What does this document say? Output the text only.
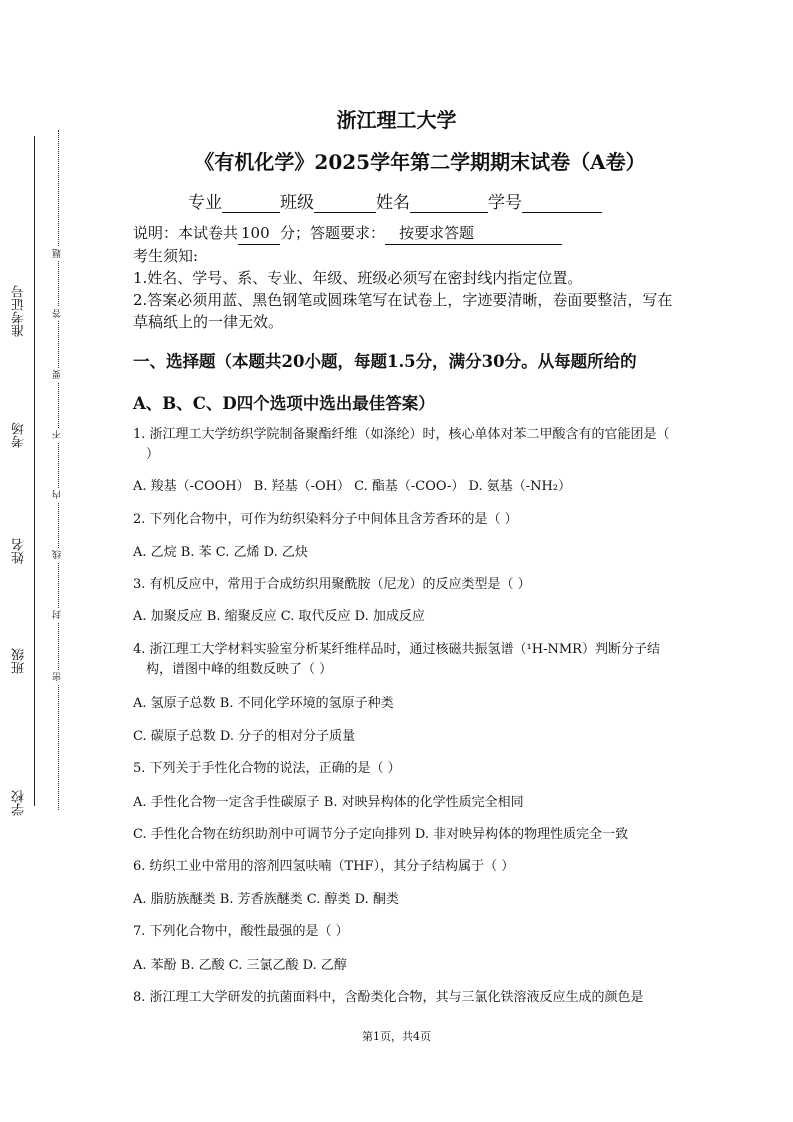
准考证号
考场
姓名
班级
学校
题
答
要
不
内
线
封
密
浙江理工大学
《有机化学》2025学年第二学期期末试卷（A卷）
专业	班级	姓名	学号
说明：本试卷共 100 分；答题要求： 按要求答题
考生须知:
1.姓名、学号、系、专业、年级、班级必须写在密封线内指定位置。
2.答案必须用蓝、黑色钢笔或圆珠笔写在试卷上，字迹要清晰，卷面要整洁，写在草稿纸上的一律无效。
一、选择题（本题共20小题，每题1.5分，满分30分。从每题所给的
A、B、C、D四个选项中选出最佳答案）
1. 浙江理工大学纺织学院制备聚酯纤维（如涤纶）时，核心单体对苯二甲酸含有的官能团是（ ）
A. 羧基（-COOH） B. 羟基（-OH） C. 酯基（-COO-） D. 氨基（-NH₂）
2. 下列化合物中，可作为纺织染料分子中间体且含芳香环的是（ ）
A. 乙烷 B. 苯 C. 乙烯 D. 乙炔
3. 有机反应中，常用于合成纺织用聚酰胺（尼龙）的反应类型是（ ）
A. 加聚反应 B. 缩聚反应 C. 取代反应 D. 加成反应
4. 浙江理工大学材料实验室分析某纤维样品时，通过核磁共振氢谱（¹H-NMR）判断分子结构，谱图中峰的组数反映了（ ）
A. 氢原子总数 B. 不同化学环境的氢原子种类
C. 碳原子总数 D. 分子的相对分子质量
5. 下列关于手性化合物的说法，正确的是（ ）
A. 手性化合物一定含手性碳原子 B. 对映异构体的化学性质完全相同
C. 手性化合物在纺织助剂中可调节分子定向排列 D. 非对映异构体的物理性质完全一致
6. 纺织工业中常用的溶剂四氢呋喃（THF），其分子结构属于（ ）
A. 脂肪族醚类 B. 芳香族醚类 C. 醇类 D. 酮类
7. 下列化合物中，酸性最强的是（ ）
A. 苯酚 B. 乙酸 C. 三氯乙酸 D. 乙醇
8. 浙江理工大学研发的抗菌面料中，含酚类化合物，其与三氯化铁溶液反应生成的颜色是
第1页，共4页
